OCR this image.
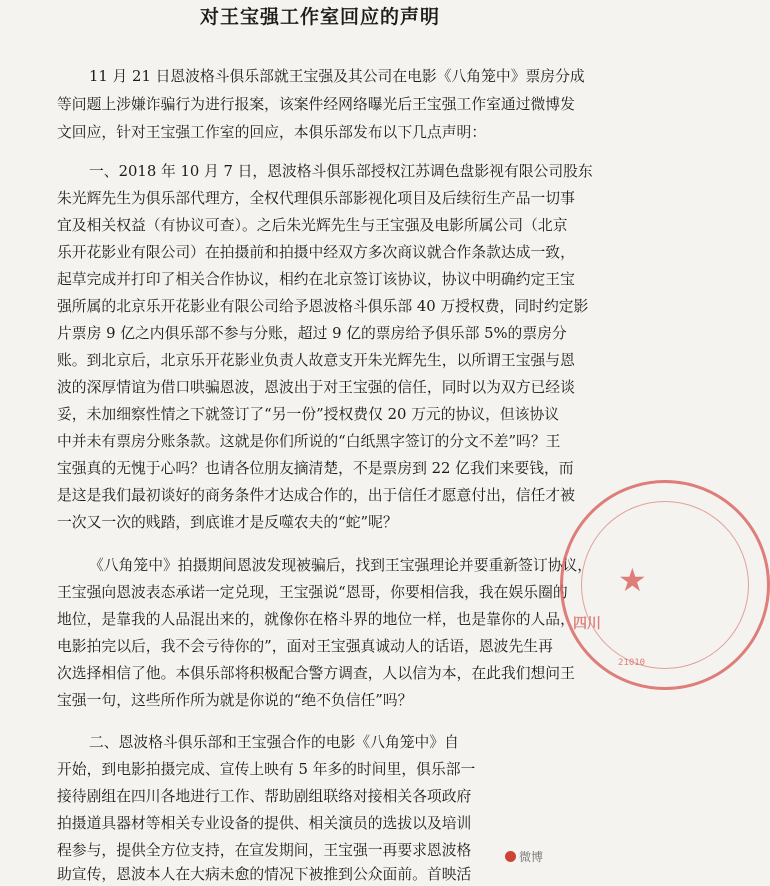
对王宝强工作室回应的声明
11 月 21 日恩波格斗俱乐部就王宝强及其公司在电影《八角笼中》票房分成
等问题上涉嫌诈骗行为进行报案，该案件经网络曝光后王宝强工作室通过微博发
文回应，针对王宝强工作室的回应，本俱乐部发布以下几点声明：
一、2018 年 10 月 7 日，恩波格斗俱乐部授权江苏调色盘影视有限公司股东
朱光辉先生为俱乐部代理方，全权代理俱乐部影视化项目及后续衍生产品一切事
宜及相关权益（有协议可查）。之后朱光辉先生与王宝强及电影所属公司（北京
乐开花影业有限公司）在拍摄前和拍摄中经双方多次商议就合作条款达成一致，
起草完成并打印了相关合作协议，相约在北京签订该协议，协议中明确约定王宝
强所属的北京乐开花影业有限公司给予恩波格斗俱乐部 40 万授权费，同时约定影
片票房 9 亿之内俱乐部不参与分账，超过 9 亿的票房给予俱乐部 5%的票房分
账。到北京后，北京乐开花影业负责人故意支开朱光辉先生，以所谓王宝强与恩
波的深厚情谊为借口哄骗恩波，恩波出于对王宝强的信任，同时以为双方已经谈
妥，未加细察性情之下就签订了“另一份”授权费仅 20 万元的协议，但该协议
中并未有票房分账条款。这就是你们所说的“白纸黑字签订的分文不差”吗？王
宝强真的无愧于心吗？也请各位朋友摘清楚，不是票房到 22 亿我们来要钱，而
是这是我们最初谈好的商务条件才达成合作的，出于信任才愿意付出，信任才被
一次又一次的贱踏，到底谁才是反噬农夫的“蛇”呢？
《八角笼中》拍摄期间恩波发现被骗后，找到王宝强理论并要重新签订协议，
王宝强向恩波表态承诺一定兑现，王宝强说“恩哥，你要相信我，我在娱乐圈的
地位，是靠我的人品混出来的，就像你在格斗界的地位一样，也是靠你的人品，
电影拍完以后，我不会亏待你的”，面对王宝强真诚动人的话语，恩波先生再
次选择相信了他。本俱乐部将积极配合警方调查，人以信为本，在此我们想问王
宝强一句，这些所作所为就是你说的“绝不负信任”吗？
二、恩波格斗俱乐部和王宝强合作的电影《八角笼中》自
开始，到电影拍摄完成、宣传上映有 5 年多的时间里，俱乐部一
接待剧组在四川各地进行工作、帮助剧组联络对接相关各项政府
拍摄道具器材等相关专业设备的提供、相关演员的选拔以及培训
程参与，提供全方位支持，在宣发期间，王宝强一再要求恩波格
助宣传，恩波本人在大病未愈的情况下被推到公众面前。首映活
★
四川
21010
微博
